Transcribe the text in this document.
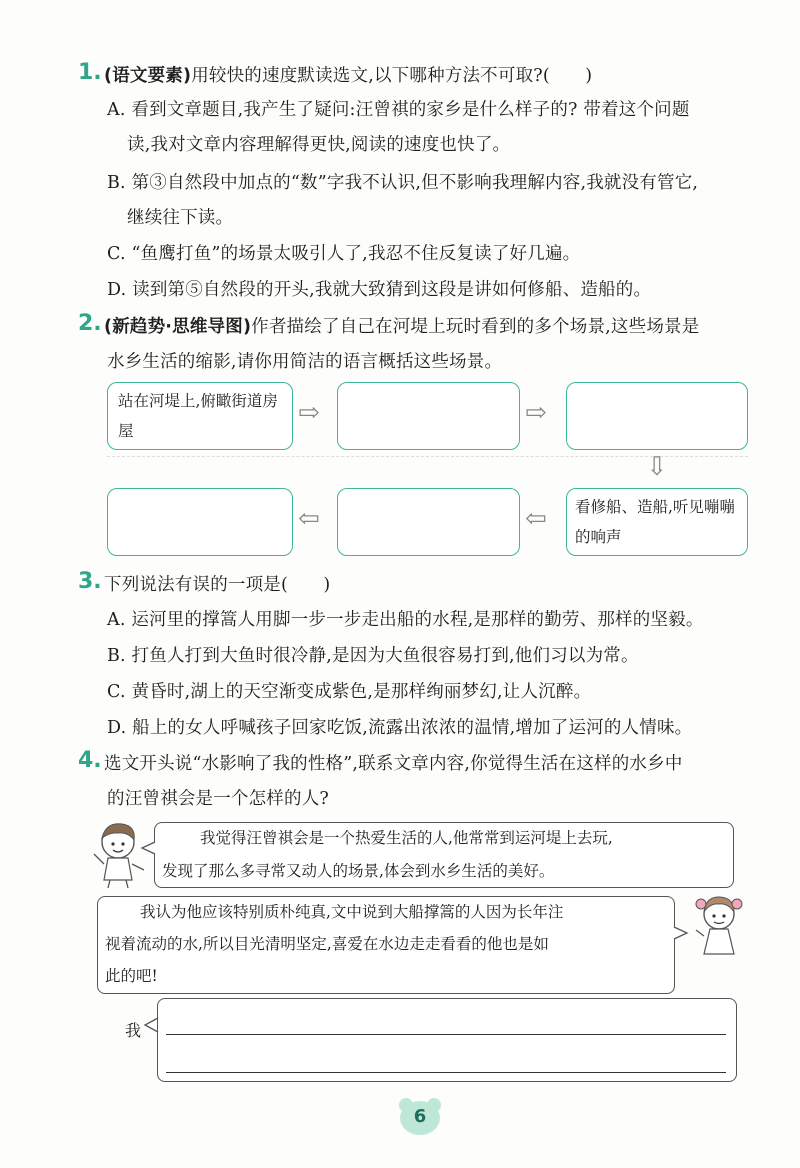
1. (语文要素)用较快的速度默读选文,以下哪种方法不可取?(　　)
A. 看到文章题目,我产生了疑问:汪曾祺的家乡是什么样子的? 带着这个问题
读,我对文章内容理解得更快,阅读的速度也快了。
B. 第③自然段中加点的“数”字我不认识,但不影响我理解内容,我就没有管它,
继续往下读。
C. “鱼鹰打鱼”的场景太吸引人了,我忍不住反复读了好几遍。
D. 读到第⑤自然段的开头,我就大致猜到这段是讲如何修船、造船的。
2. (新趋势·思维导图)作者描绘了自己在河堤上玩时看到的多个场景,这些场景是
水乡生活的缩影,请你用简洁的语言概括这些场景。
站在河堤上,俯瞰街道房屋
⇨	⇨
⇩
⇦	⇦ 看修船、造船,听见嘣嘣的响声
3. 下列说法有误的一项是(　　)
A. 运河里的撑篙人用脚一步一步走出船的水程,是那样的勤劳、那样的坚毅。
B. 打鱼人打到大鱼时很冷静,是因为大鱼很容易打到,他们习以为常。
C. 黄昏时,湖上的天空渐变成紫色,是那样绚丽梦幻,让人沉醉。
D. 船上的女人呼喊孩子回家吃饭,流露出浓浓的温情,增加了运河的人情味。
4. 选文开头说“水影响了我的性格”,联系文章内容,你觉得生活在这样的水乡中
的汪曾祺会是一个怎样的人?
我觉得汪曾祺会是一个热爱生活的人,他常常到运河堤上去玩,
发现了那么多寻常又动人的场景,体会到水乡生活的美好。
我认为他应该特别质朴纯真,文中说到大船撑篙的人因为长年注
视着流动的水,所以目光清明坚定,喜爱在水边走走看看的他也是如
此的吧!
我
6
